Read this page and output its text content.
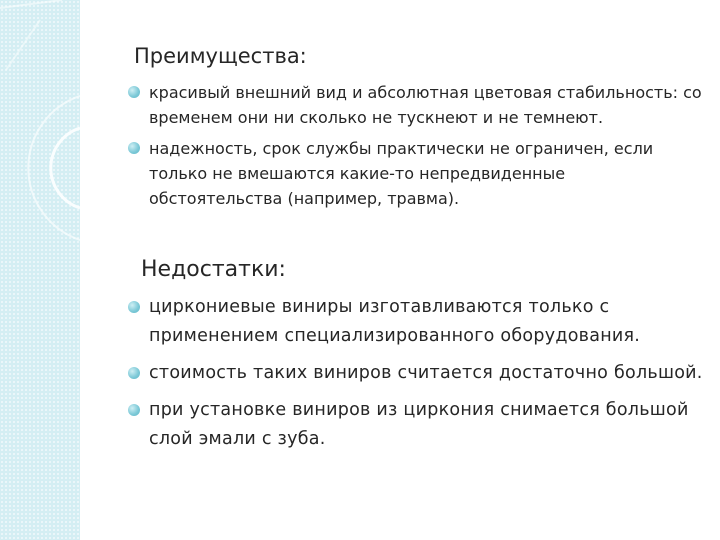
Преимущества:
красивый внешний вид и абсолютная цветовая стабильность: со временем они ни сколько не тускнеют и не темнеют.
надежность, срок службы практически не ограничен, если только не вмешаются какие-то непредвиденные обстоятельства (например, травма).
Недостатки:
циркониевые виниры изготавливаются только с применением специализированного оборудования.
стоимость таких виниров считается достаточно большой.
при установке виниров из циркония снимается большой слой эмали с зуба.
